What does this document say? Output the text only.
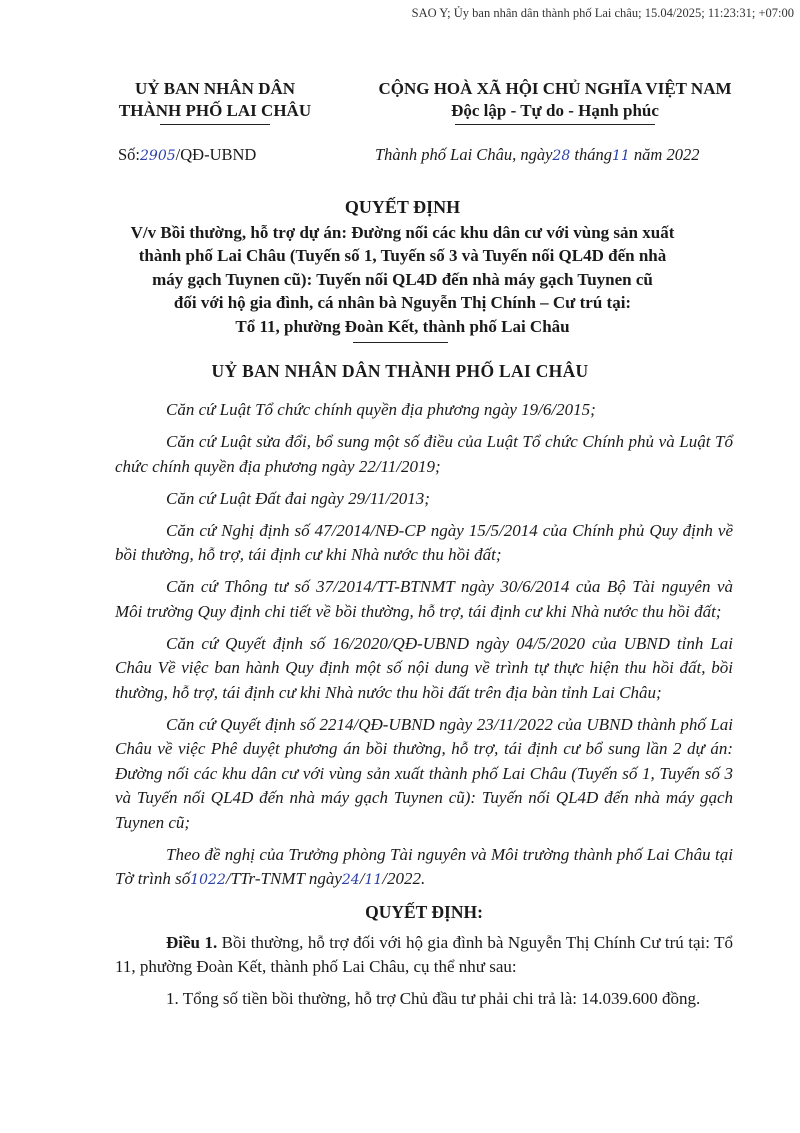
SAO Y; Ủy ban nhân dân thành phố Lai châu; 15.04/2025; 11:23:31; +07:00
UỶ BAN NHÂN DÂN
THÀNH PHỐ LAI CHÂU
CỘNG HOÀ XÃ HỘI CHỦ NGHĨA VIỆT NAM
Độc lập - Tự do - Hạnh phúc
Số:2905/QĐ-UBND	Thành phố Lai Châu, ngày28 tháng11 năm 2022
QUYẾT ĐỊNH
V/v Bồi thường, hỗ trợ dự án: Đường nối các khu dân cư với vùng sản xuất
thành phố Lai Châu (Tuyến số 1, Tuyến số 3 và Tuyến nối QL4D đến nhà
máy gạch Tuynen cũ): Tuyến nối QL4D đến nhà máy gạch Tuynen cũ
đối với hộ gia đình, cá nhân bà Nguyễn Thị Chính – Cư trú tại:
Tổ 11, phường Đoàn Kết, thành phố Lai Châu
UỶ BAN NHÂN DÂN THÀNH PHỐ LAI CHÂU

Căn cứ Luật Tổ chức chính quyền địa phương ngày 19/6/2015;

Căn cứ Luật sửa đổi, bổ sung một số điều của Luật Tổ chức Chính phủ và Luật Tổ chức chính quyền địa phương ngày 22/11/2019;

Căn cứ Luật Đất đai ngày 29/11/2013;

Căn cứ Nghị định số 47/2014/NĐ-CP ngày 15/5/2014 của Chính phủ Quy định về bồi thường, hỗ trợ, tái định cư khi Nhà nước thu hồi đất;

Căn cứ Thông tư số 37/2014/TT-BTNMT ngày 30/6/2014 của Bộ Tài nguyên và Môi trường Quy định chi tiết về bồi thường, hỗ trợ, tái định cư khi Nhà nước thu hồi đất;

Căn cứ Quyết định số 16/2020/QĐ-UBND ngày 04/5/2020 của UBND tỉnh Lai Châu Về việc ban hành Quy định một số nội dung về trình tự thực hiện thu hồi đất, bồi thường, hỗ trợ, tái định cư khi Nhà nước thu hồi đất trên địa bàn tỉnh Lai Châu;

Căn cứ Quyết định số 2214/QĐ-UBND ngày 23/11/2022 của UBND thành phố Lai Châu về việc Phê duyệt phương án bồi thường, hỗ trợ, tái định cư bổ sung lần 2 dự án: Đường nối các khu dân cư với vùng sản xuất thành phố Lai Châu (Tuyến số 1, Tuyến số 3 và Tuyến nối QL4D đến nhà máy gạch Tuynen cũ): Tuyến nối QL4D đến nhà máy gạch Tuynen cũ;

Theo đề nghị của Trưởng phòng Tài nguyên và Môi trường thành phố Lai Châu tại Tờ trình số1022/TTr-TNMT ngày24/11/2022.

QUYẾT ĐỊNH:

Điều 1. Bồi thường, hỗ trợ đối với hộ gia đình bà Nguyễn Thị Chính Cư trú tại: Tổ 11, phường Đoàn Kết, thành phố Lai Châu, cụ thể như sau:

1. Tổng số tiền bồi thường, hỗ trợ Chủ đầu tư phải chi trả là: 14.039.600 đồng.
